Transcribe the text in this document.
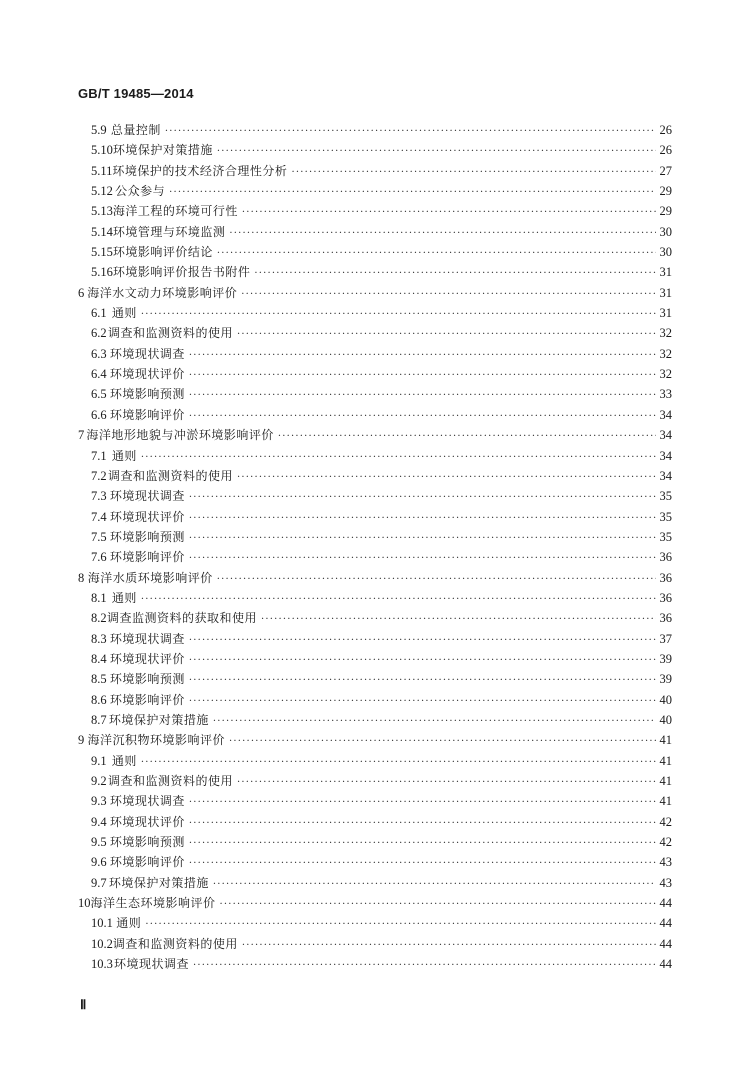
GB/T 19485—2014
5.9 总量控制 ·····	26
5.10 环境保护对策措施 ·····	26
5.11 环境保护的技术经济合理性分析 ·····	27
5.12 公众参与 ·····	29
5.13 海洋工程的环境可行性 ·····	29
5.14 环境管理与环境监测 ·····	30
5.15 环境影响评价结论 ·····	30
5.16 环境影响评价报告书附件 ·····	31
6 海洋水文动力环境影响评价 ·····	31
6.1 通则 ·····	31
6.2 调查和监测资料的使用 ·····	32
6.3 环境现状调查 ·····	32
6.4 环境现状评价 ·····	32
6.5 环境影响预测 ·····	33
6.6 环境影响评价 ·····	34
7 海洋地形地貌与冲淤环境影响评价 ·····	34
7.1 通则 ·····	34
7.2 调查和监测资料的使用 ·····	34
7.3 环境现状调查 ·····	35
7.4 环境现状评价 ·····	35
7.5 环境影响预测 ·····	35
7.6 环境影响评价 ·····	36
8 海洋水质环境影响评价 ·····	36
8.1 通则 ·····	36
8.2 调查监测资料的获取和使用 ·····	36
8.3 环境现状调查 ·····	37
8.4 环境现状评价 ·····	39
8.5 环境影响预测 ·····	39
8.6 环境影响评价 ·····	40
8.7 环境保护对策措施 ·····	40
9 海洋沉积物环境影响评价 ·····	41
9.1 通则 ·····	41
9.2 调查和监测资料的使用 ·····	41
9.3 环境现状调查 ·····	41
9.4 环境现状评价 ·····	42
9.5 环境影响预测 ·····	42
9.6 环境影响评价 ·····	43
9.7 环境保护对策措施 ·····	43
10 海洋生态环境影响评价 ·····	44
10.1 通则 ·····	44
10.2 调查和监测资料的使用 ·····	44
10.3 环境现状调查 ·····	44
Ⅱ
